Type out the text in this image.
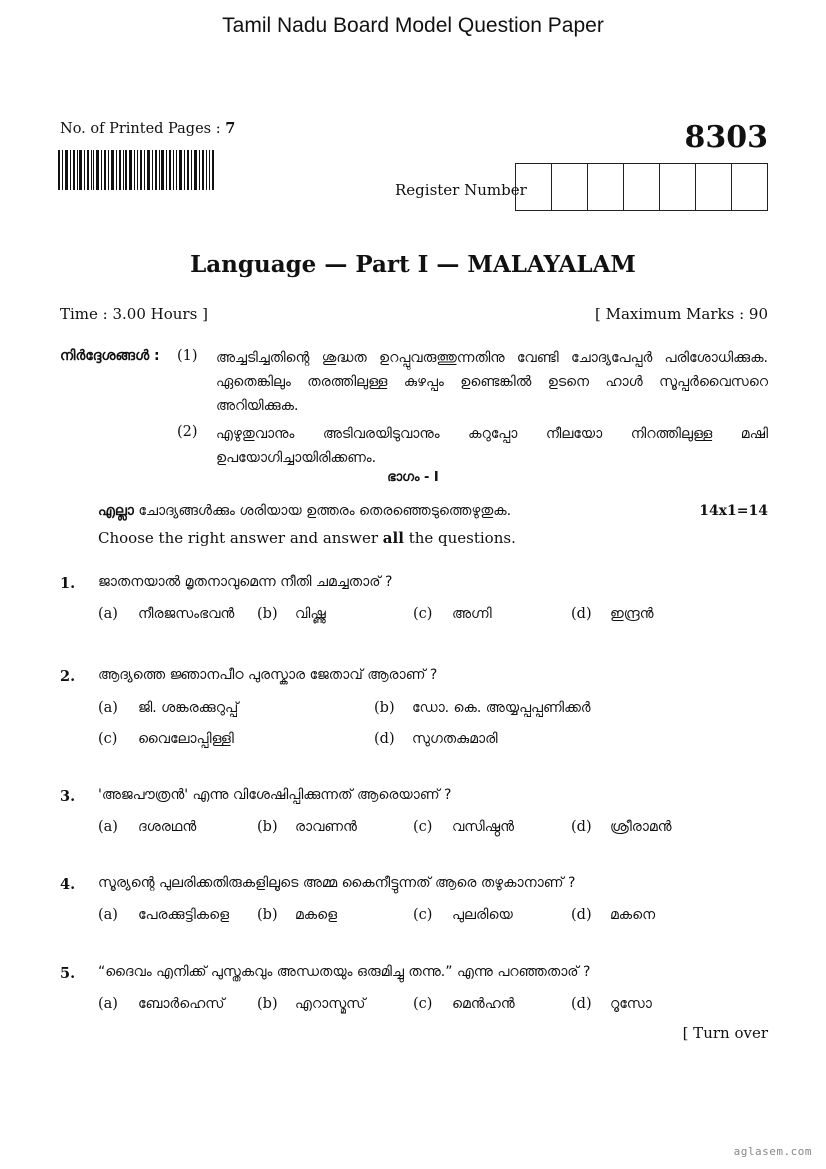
Tamil Nadu Board Model Question Paper
No. of Printed Pages : 7	8303
Register Number
Language — Part I — MALAYALAM
Time : 3.00 Hours ]	[ Maximum Marks : 90
നിർദ്ദേശങ്ങൾ : (1) അച്ചടിച്ചതിന്റെ ശുദ്ധത ഉറപ്പുവരുത്തുന്നതിനു വേണ്ടി ചോദ്യപേപ്പർ പരിശോധിക്കുക. ഏതെങ്കിലും തരത്തിലുള്ള കുഴപ്പം ഉണ്ടെങ്കിൽ ഉടനെ ഹാൾ സൂപ്പർവൈസറെ അറിയിക്കുക.
(2) എഴുതുവാനും അടിവരയിടുവാനും കറുപ്പോ നീലയോ നിറത്തിലുള്ള മഷി ഉപയോഗിച്ചായിരിക്കണം.
ഭാഗം - I
എല്ലാ ചോദ്യങ്ങൾക്കും ശരിയായ ഉത്തരം തെരഞ്ഞെടുത്തെഴുതുക.	14x1=14
Choose the right answer and answer all the questions.
1. ജാതനയാൽ മൃതനാവുമെന്ന നീതി ചമച്ചതാര് ?
(a) നീരജസംഭവൻ (b) വിഷ്ണു	(c) അഗ്നി	(d) ഇന്ദ്രൻ
2. ആദ്യത്തെ ജ്ഞാനപീഠ പുരസ്കാര ജേതാവ് ആരാണ് ?
(a) ജി. ശങ്കരക്കുറുപ്പ്	(b) ഡോ. കെ. അയ്യപ്പപ്പണിക്കർ
(c) വൈലോപ്പിള്ളി	(d) സുഗതകുമാരി
3. 'അജപൗത്രൻ' എന്നു വിശേഷിപ്പിക്കുന്നത് ആരെയാണ് ?
(a) ദശരഥൻ	(b) രാവണൻ	(c) വസിഷ്ഠൻ	(d) ശ്രീരാമൻ
4. സൂര്യന്റെ പുലരിക്കതിരുകളിലൂടെ അമ്മ കൈനീട്ടുന്നത് ആരെ തഴുകാനാണ് ?
(a) പേരക്കുട്ടികളെ (b) മകളെ	(c) പുലരിയെ	(d) മകനെ
5. “ദൈവം എനിക്ക് പുസ്തകവും അന്ധതയും ഒരുമിച്ചു തന്നു.” എന്നു പറഞ്ഞതാര് ?
(a) ബോർഹെസ് (b) എറാസ്മസ്	(c) മെൻഹൻ	(d) റൂസോ
[ Turn over
aglasem.com
